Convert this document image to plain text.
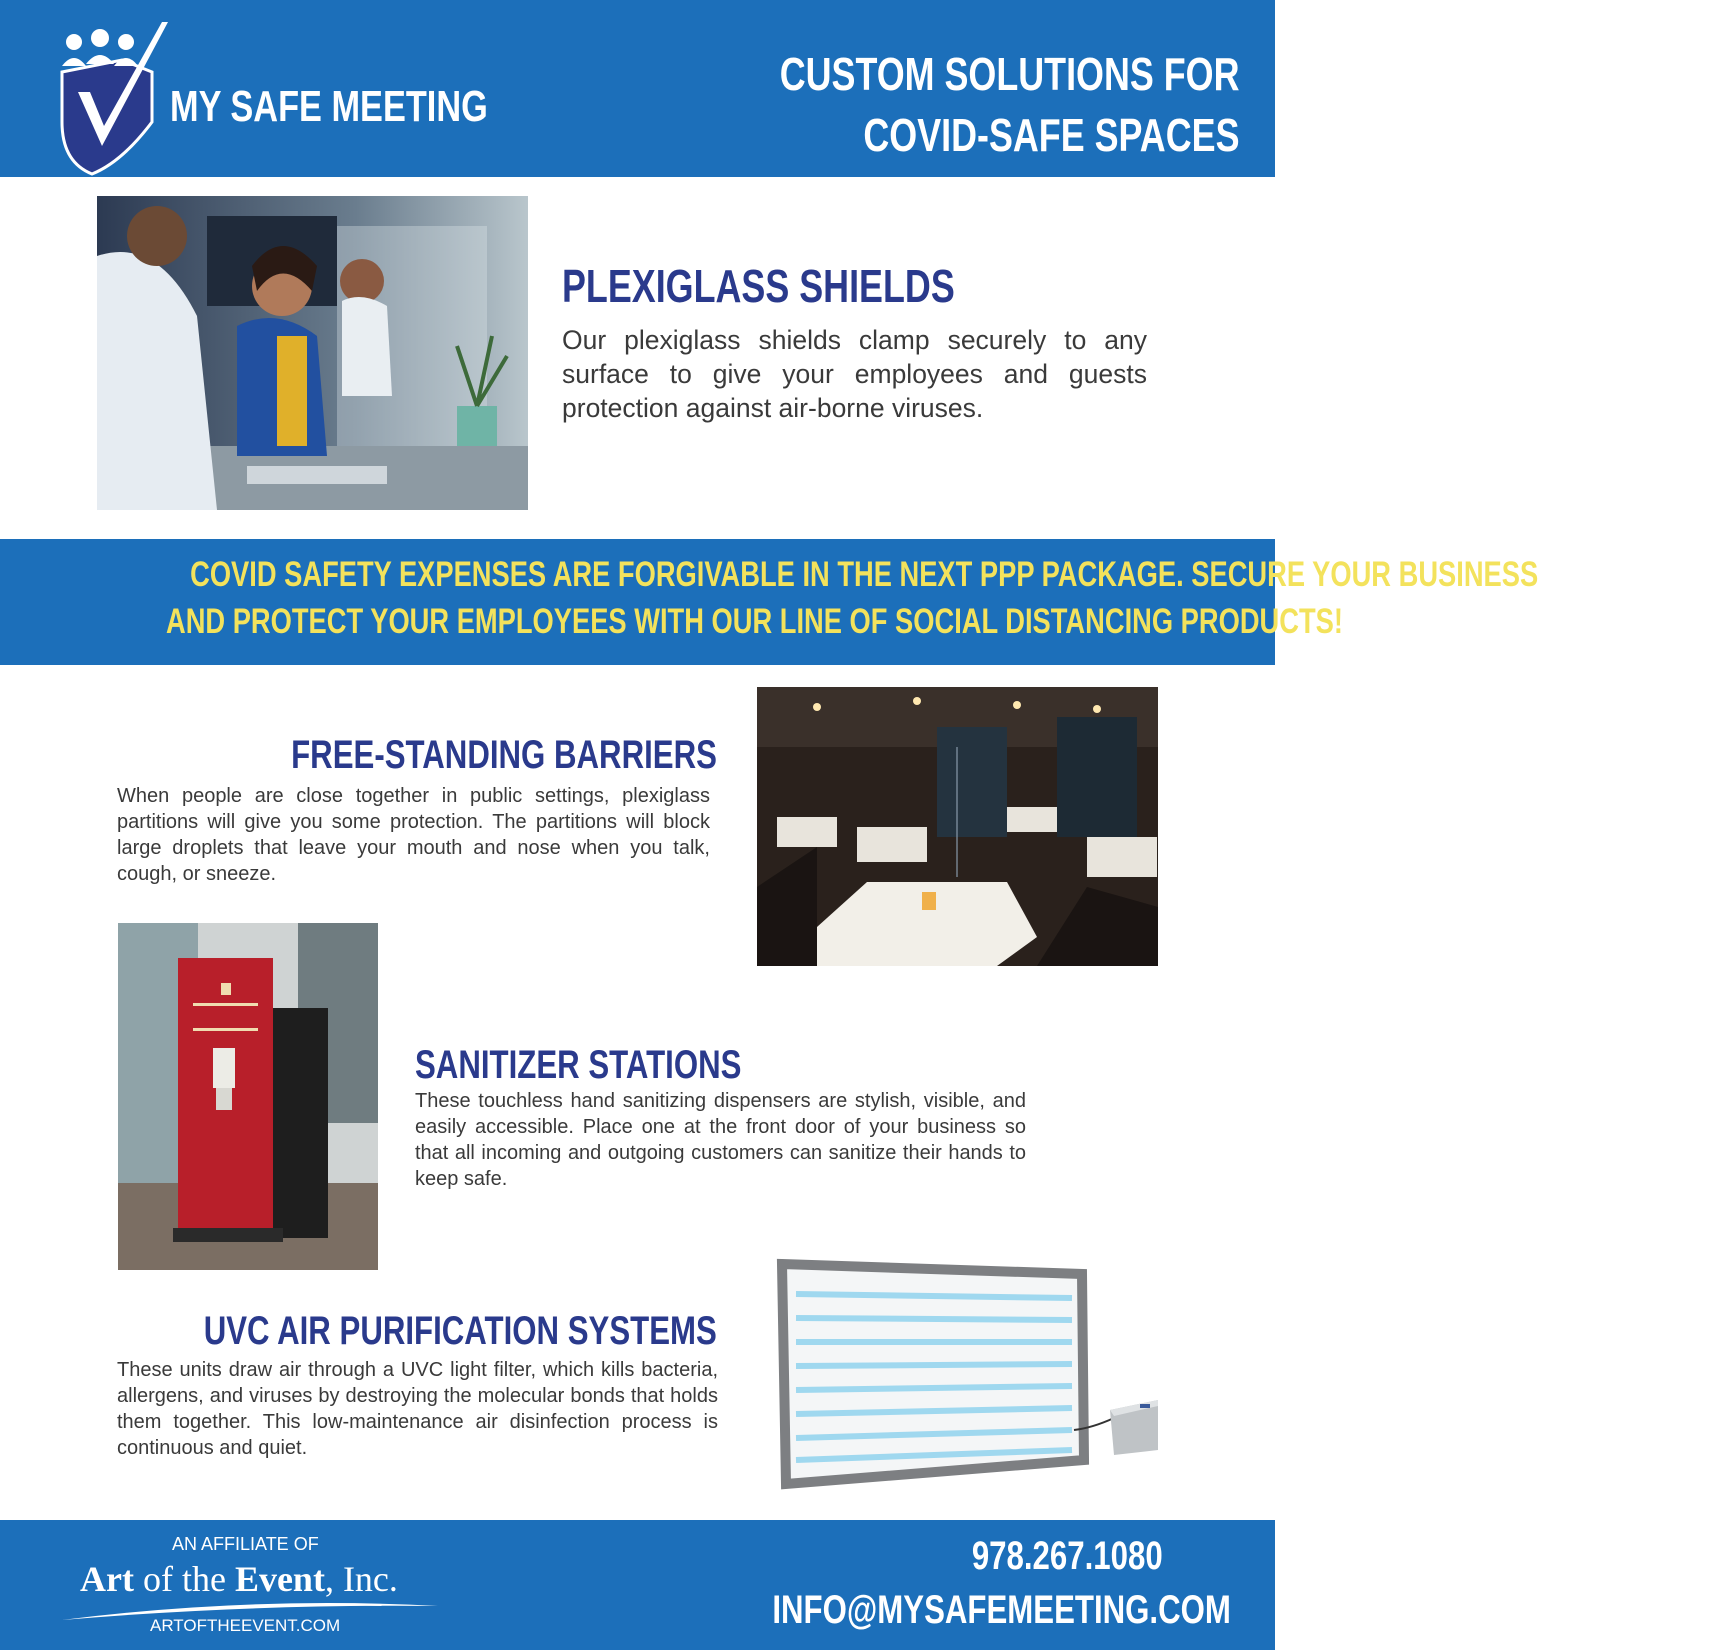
MY SAFE MEETING
CUSTOM SOLUTIONS FOR
COVID-SAFE SPACES
PLEXIGLASS SHIELDS
Our plexiglass shields clamp securely to any surface to give your employees and guests protection against air-borne viruses.
COVID SAFETY EXPENSES ARE FORGIVABLE IN THE NEXT PPP PACKAGE. SECURE YOUR BUSINESS
AND PROTECT YOUR EMPLOYEES WITH OUR LINE OF SOCIAL DISTANCING PRODUCTS!
FREE-STANDING BARRIERS
When people are close together in public settings, plexiglass partitions will give you some protection. The partitions will block large droplets that leave your mouth and nose when you talk, cough, or sneeze.
SANITIZER STATIONS
These touchless hand sanitizing dispensers are stylish, visible, and easily accessible. Place one at the front door of your business so that all incoming and outgoing customers can sanitize their hands to keep safe.
UVC AIR PURIFICATION SYSTEMS
These units draw air through a UVC light filter, which kills bacteria, allergens, and viruses by destroying the molecular bonds that holds them together. This low-maintenance air disinfection process is continuous and quiet.
AN AFFILIATE OF
Art of the Event, Inc.
ARTOFTHEEVENT.COM
978.267.1080
INFO@MYSAFEMEETING.COM
